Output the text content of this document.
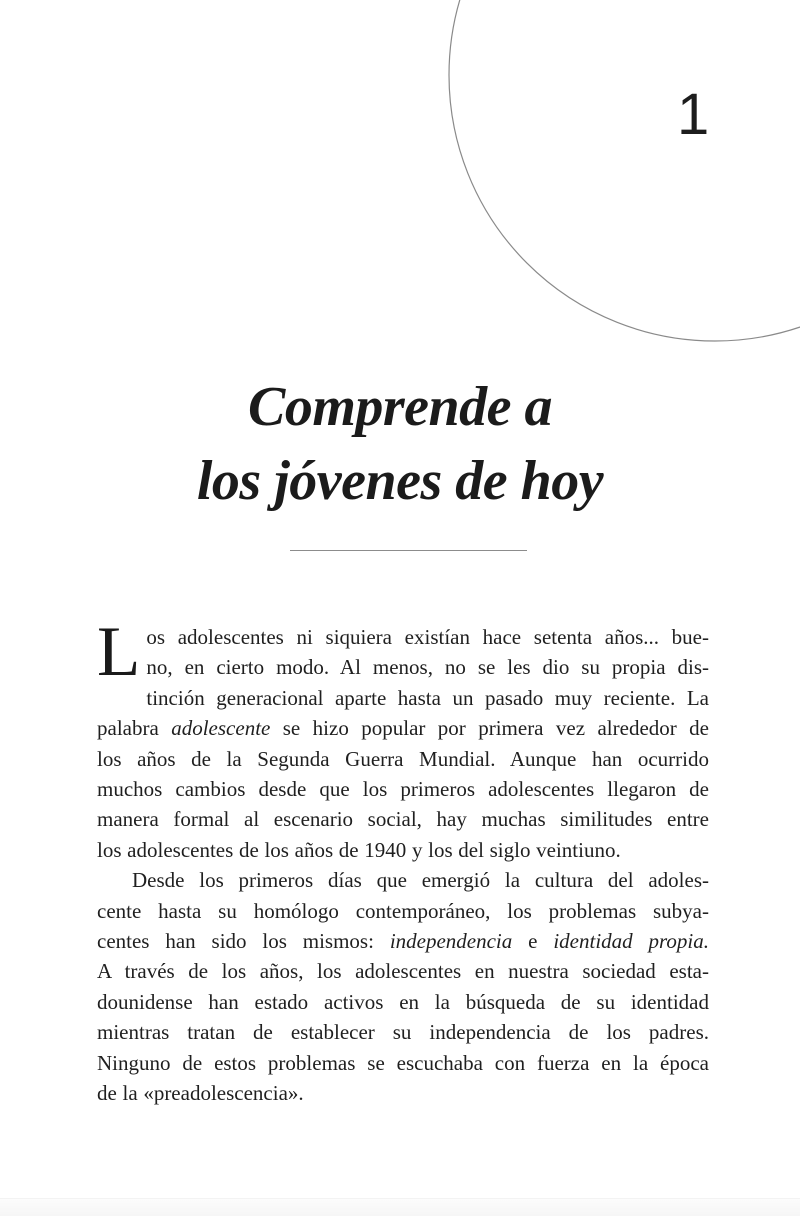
1
Comprende a
los jóvenes de hoy
L os adolescentes ni siquiera existían hace setenta años... bue-
no, en cierto modo. Al menos, no se les dio su propia dis-
tinción generacional aparte hasta un pasado muy reciente. La
palabra adolescente se hizo popular por primera vez alrededor de
los años de la Segunda Guerra Mundial. Aunque han ocurrido
muchos cambios desde que los primeros adolescentes llegaron de
manera formal al escenario social, hay muchas similitudes entre
los adolescentes de los años de 1940 y los del siglo veintiuno.
Desde los primeros días que emergió la cultura del adoles-
cente hasta su homólogo contemporáneo, los problemas subya-
centes han sido los mismos: independencia e identidad propia.
A través de los años, los adolescentes en nuestra sociedad esta-
dounidense han estado activos en la búsqueda de su identidad
mientras tratan de establecer su independencia de los padres.
Ninguno de estos problemas se escuchaba con fuerza en la época
de la «preadolescencia».
